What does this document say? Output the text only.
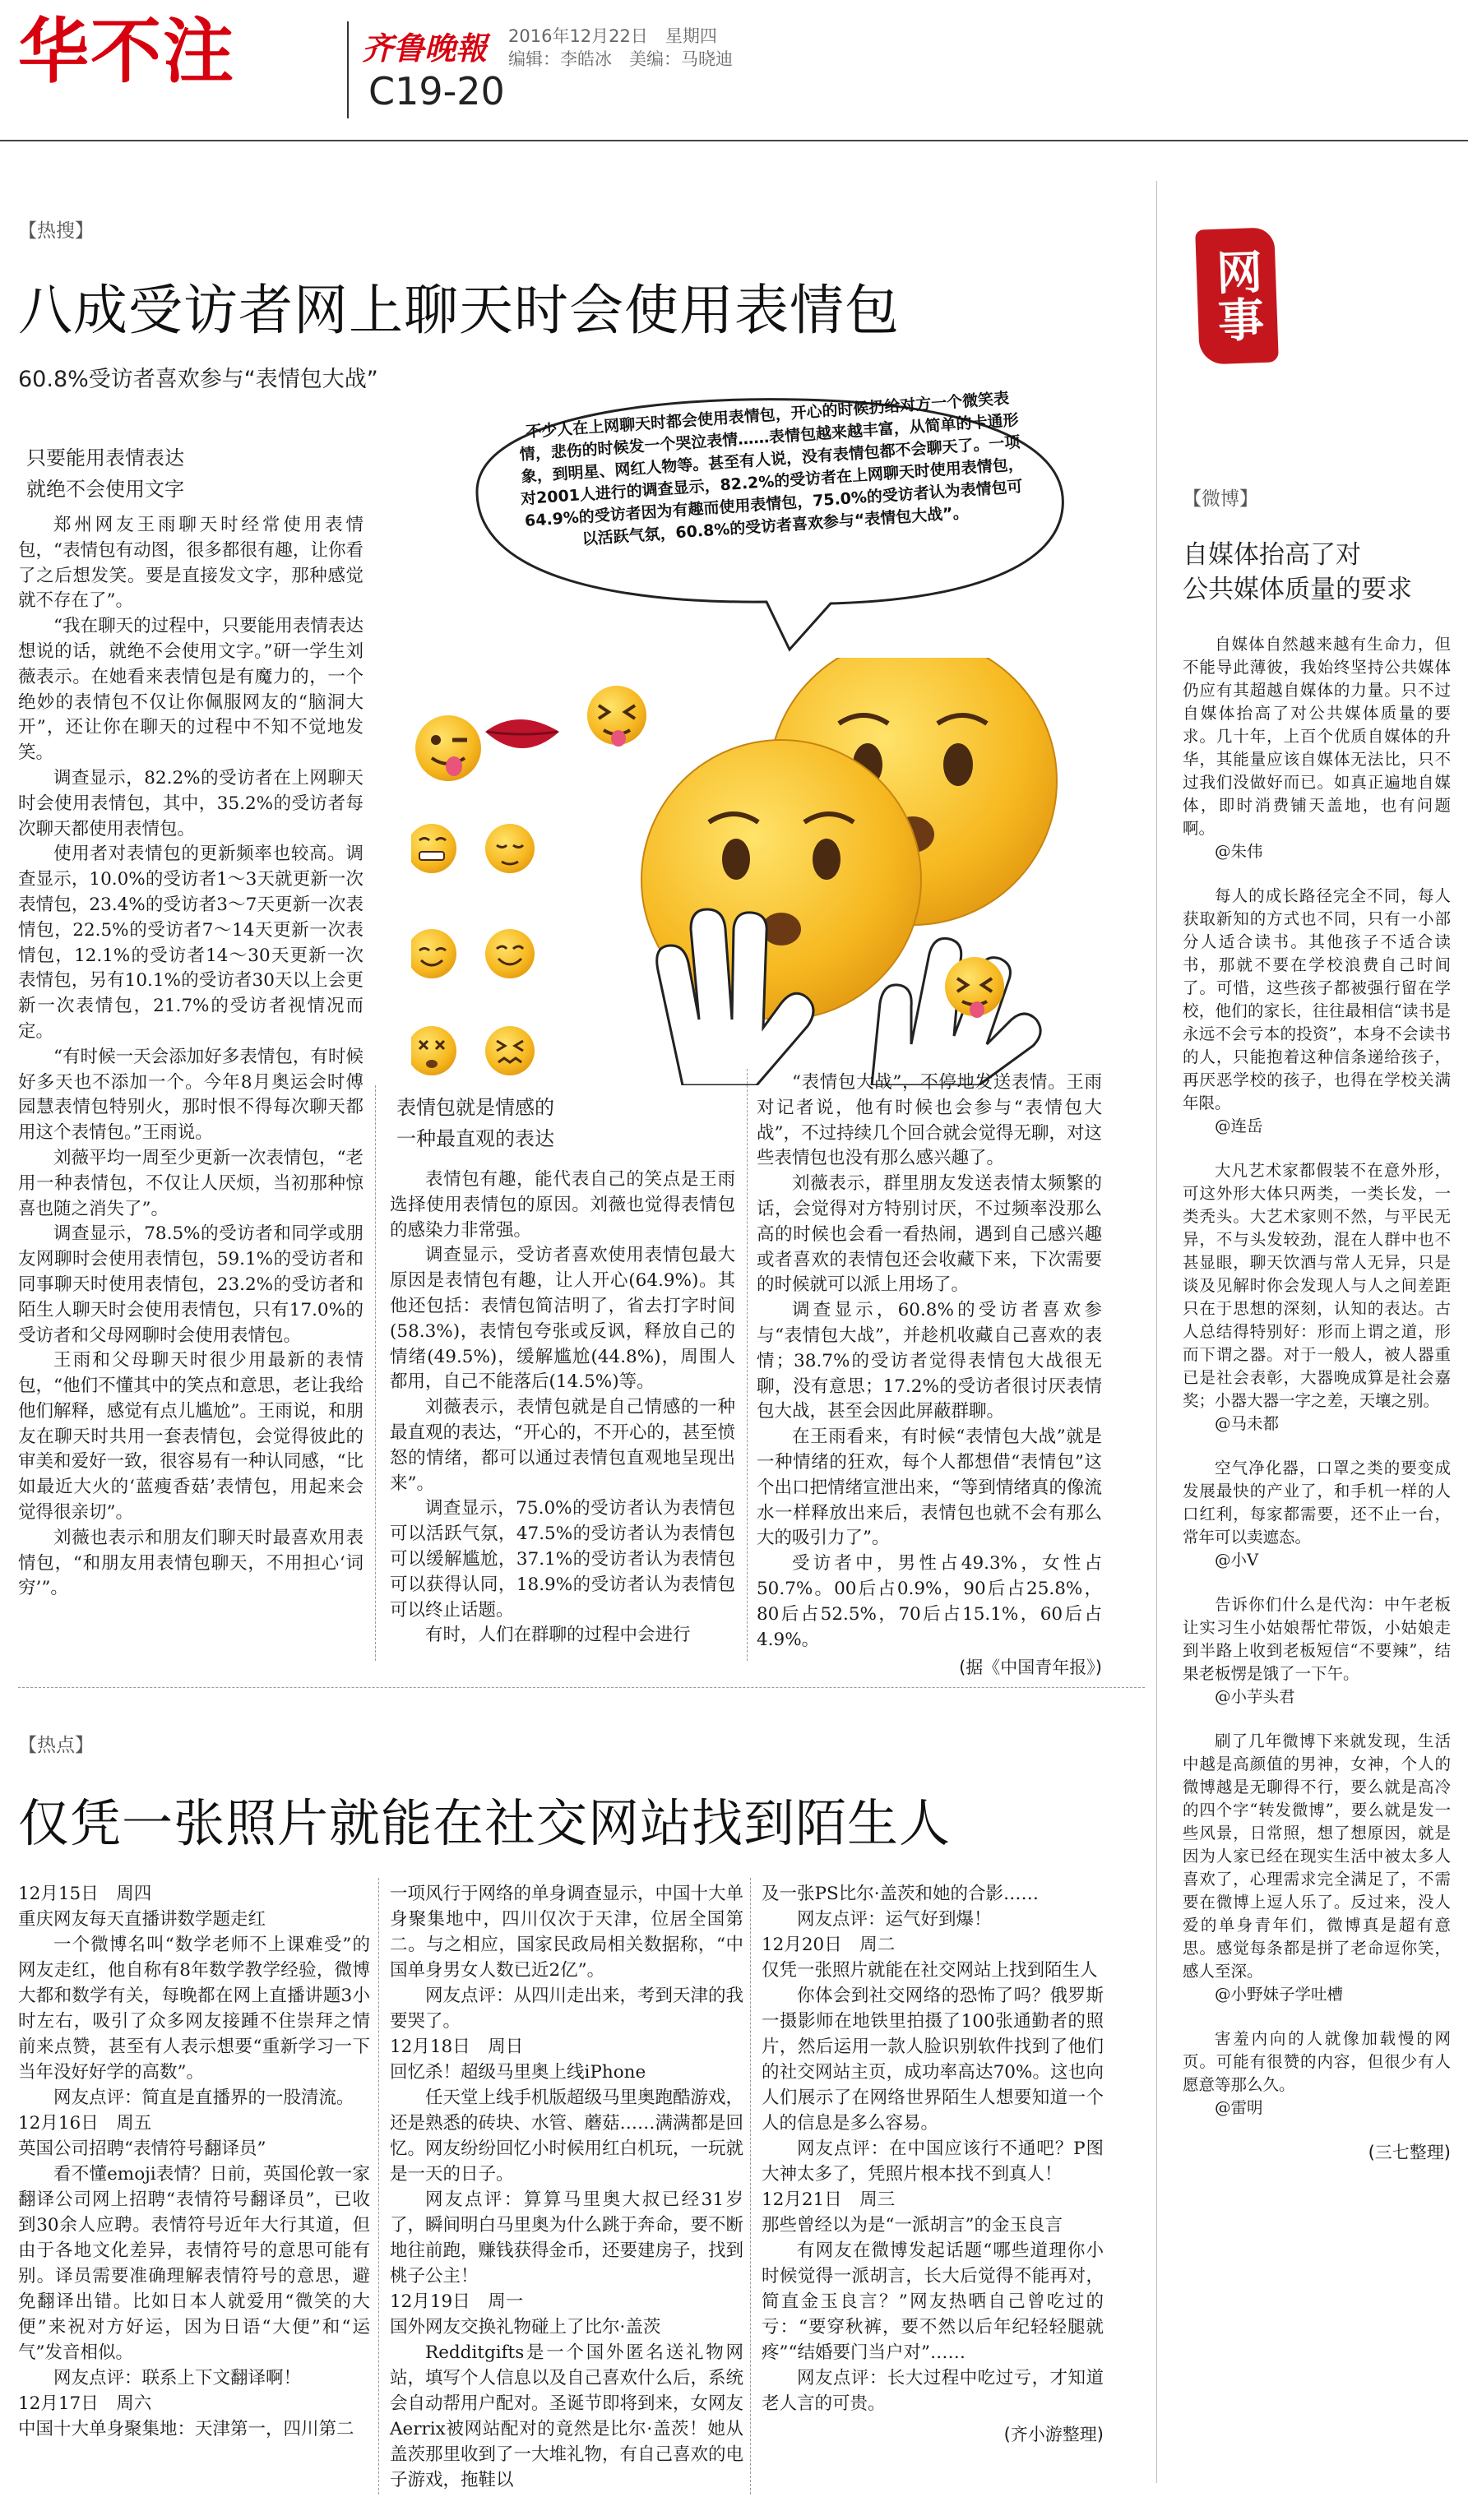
华不注	齐鲁晚報 2016年12月22日　星期四
编辑：李皓冰　美编：马晓迪
C19-20
【热搜】
八成受访者网上聊天时会使用表情包
60.8%受访者喜欢参与“表情包大战”
不少人在上网聊天时都会使用表情包，开心的时候扔给对方一个微笑表情，悲伤的时候发一个哭泣表情……表情包越来越丰富，从简单的卡通形象，到明星、网红人物等。甚至有人说，没有表情包都不会聊天了。一项对2001人进行的调查显示，82.2%的受访者在上网聊天时使用表情包，64.9%的受访者因为有趣而使用表情包，75.0%的受访者认为表情包可以活跃气氛，60.8%的受访者喜欢参与“表情包大战”。
只要能用表情表达
就绝不会使用文字

郑州网友王雨聊天时经常使用表情包，“表情包有动图，很多都很有趣，让你看了之后想发笑。要是直接发文字，那种感觉就不存在了”。

“我在聊天的过程中，只要能用表情表达想说的话，就绝不会使用文字。”研一学生刘薇表示。在她看来表情包是有魔力的，一个绝妙的表情包不仅让你佩服网友的“脑洞大开”，还让你在聊天的过程中不知不觉地发笑。

调查显示，82.2%的受访者在上网聊天时会使用表情包，其中，35.2%的受访者每次聊天都使用表情包。

使用者对表情包的更新频率也较高。调查显示，10.0%的受访者1～3天就更新一次表情包，23.4%的受访者3～7天更新一次表情包，22.5%的受访者7～14天更新一次表情包，12.1%的受访者14～30天更新一次表情包，另有10.1%的受访者30天以上会更新一次表情包，21.7%的受访者视情况而定。

“有时候一天会添加好多表情包，有时候好多天也不添加一个。今年8月奥运会时傅园慧表情包特别火，那时恨不得每次聊天都用这个表情包。”王雨说。

刘薇平均一周至少更新一次表情包，“老用一种表情包，不仅让人厌烦，当初那种惊喜也随之消失了”。

调查显示，78.5%的受访者和同学或朋友网聊时会使用表情包，59.1%的受访者和同事聊天时使用表情包，23.2%的受访者和陌生人聊天时会使用表情包，只有17.0%的受访者和父母网聊时会使用表情包。

王雨和父母聊天时很少用最新的表情包，“他们不懂其中的笑点和意思，老让我给他们解释，感觉有点儿尴尬”。王雨说，和朋友在聊天时共用一套表情包，会觉得彼此的审美和爱好一致，很容易有一种认同感，“比如最近大火的‘蓝瘦香菇’表情包，用起来会觉得很亲切”。

刘薇也表示和朋友们聊天时最喜欢用表情包，“和朋友用表情包聊天，不用担心‘词穷’”。

表情包就是情感的
一种最直观的表达

表情包有趣，能代表自己的笑点是王雨选择使用表情包的原因。刘薇也觉得表情包的感染力非常强。

调查显示，受访者喜欢使用表情包最大原因是表情包有趣，让人开心(64.9%)。其他还包括：表情包简洁明了，省去打字时间(58.3%)，表情包夸张或反讽，释放自己的情绪(49.5%)，缓解尴尬(44.8%)，周围人都用，自己不能落后(14.5%)等。

刘薇表示，表情包就是自己情感的一种最直观的表达，“开心的，不开心的，甚至愤怒的情绪，都可以通过表情包直观地呈现出来”。

调查显示，75.0%的受访者认为表情包可以活跃气氛，47.5%的受访者认为表情包可以缓解尴尬，37.1%的受访者认为表情包可以获得认同，18.9%的受访者认为表情包可以终止话题。

有时，人们在群聊的过程中会进行

“表情包大战”，不停地发送表情。王雨对记者说，他有时候也会参与“表情包大战”，不过持续几个回合就会觉得无聊，对这些表情包也没有那么感兴趣了。

刘薇表示，群里朋友发送表情太频繁的话，会觉得对方特别讨厌，不过频率没那么高的时候也会看一看热闹，遇到自己感兴趣或者喜欢的表情包还会收藏下来，下次需要的时候就可以派上用场了。

调查显示，60.8%的受访者喜欢参与“表情包大战”，并趁机收藏自己喜欢的表情；38.7%的受访者觉得表情包大战很无聊，没有意思；17.2%的受访者很讨厌表情包大战，甚至会因此屏蔽群聊。

在王雨看来，有时候“表情包大战”就是一种情绪的狂欢，每个人都想借“表情包”这个出口把情绪宣泄出来，“等到情绪真的像流水一样释放出来后，表情包也就不会有那么大的吸引力了”。

受访者中，男性占49.3%，女性占50.7%。00后占0.9%，90后占25.8%，80后占52.5%，70后占15.1%，60后占4.9%。

(据《中国青年报》)
【热点】
仅凭一张照片就能在社交网站找到陌生人

12月15日　周四

重庆网友每天直播讲数学题走红

一个微博名叫“数学老师不上课难受”的网友走红，他自称有8年数学教学经验，微博大都和数学有关，每晚都在网上直播讲题3小时左右，吸引了众多网友接踵不住崇拜之情前来点赞，甚至有人表示想要“重新学习一下当年没好好学的高数”。

网友点评：简直是直播界的一股清流。

12月16日　周五

英国公司招聘“表情符号翻译员”

看不懂emoji表情？日前，英国伦敦一家翻译公司网上招聘“表情符号翻译员”，已收到30余人应聘。表情符号近年大行其道，但由于各地文化差异，表情符号的意思可能有别。译员需要准确理解表情符号的意思，避免翻译出错。比如日本人就爱用“微笑的大便”来祝对方好运，因为日语“大便”和“运气”发音相似。

网友点评：联系上下文翻译啊！

12月17日　周六

中国十大单身聚集地：天津第一，四川第二

一项风行于网络的单身调查显示，中国十大单身聚集地中，四川仅次于天津，位居全国第二。与之相应，国家民政局相关数据称，“中国单身男女人数已近2亿”。

网友点评：从四川走出来，考到天津的我要哭了。

12月18日　周日

回忆杀！超级马里奥上线iPhone

任天堂上线手机版超级马里奥跑酷游戏，还是熟悉的砖块、水管、蘑菇……满满都是回忆。网友纷纷回忆小时候用红白机玩，一玩就是一天的日子。

网友点评：算算马里奥大叔已经31岁了，瞬间明白马里奥为什么跳于奔命，要不断地往前跑，赚钱获得金币，还要建房子，找到桃子公主！

12月19日　周一

国外网友交换礼物碰上了比尔·盖茨

Redditgifts是一个国外匿名送礼物网站，填写个人信息以及自己喜欢什么后，系统会自动帮用户配对。圣诞节即将到来，女网友Aerrix被网站配对的竟然是比尔·盖茨！她从盖茨那里收到了一大堆礼物，有自己喜欢的电子游戏，拖鞋以

及一张PS比尔·盖茨和她的合影……

网友点评：运气好到爆！

12月20日　周二

仅凭一张照片就能在社交网站上找到陌生人

你体会到社交网络的恐怖了吗？俄罗斯一摄影师在地铁里拍摄了100张通勤者的照片，然后运用一款人脸识别软件找到了他们的社交网站主页，成功率高达70%。这也向人们展示了在网络世界陌生人想要知道一个人的信息是多么容易。

网友点评：在中国应该行不通吧？P图大神太多了，凭照片根本找不到真人！

12月21日　周三

那些曾经以为是“一派胡言”的金玉良言

有网友在微博发起话题“哪些道理你小时候觉得一派胡言，长大后觉得不能再对，简直金玉良言？”网友热晒自己曾吃过的亏：“要穿秋裤，要不然以后年纪轻轻腿就疼”“结婚要门当户对”……

网友点评：长大过程中吃过亏，才知道老人言的可贵。

(齐小游整理)
网事
【微博】
自媒体抬高了对
公共媒体质量的要求

自媒体自然越来越有生命力，但不能导此薄彼，我始终坚持公共媒体仍应有其超越自媒体的力量。只不过自媒体抬高了对公共媒体质量的要求。几十年，上百个优质自媒体的升华，其能量应该自媒体无法比，只不过我们没做好而已。如真正遍地自媒体，即时消费铺天盖地，也有问题啊。

@朱伟

每人的成长路径完全不同，每人获取新知的方式也不同，只有一小部分人适合读书。其他孩子不适合读书，那就不要在学校浪费自己时间了。可惜，这些孩子都被强行留在学校，他们的家长，往往最相信“读书是永远不会亏本的投资”，本身不会读书的人，只能抱着这种信条递给孩子，再厌恶学校的孩子，也得在学校关满年限。

@连岳

大凡艺术家都假装不在意外形，可这外形大体只两类，一类长发，一类秃头。大艺术家则不然，与平民无异，不与头发较劲，混在人群中也不甚显眼，聊天饮酒与常人无异，只是谈及见解时你会发现人与人之间差距只在于思想的深刻，认知的表达。古人总结得特别好：形而上谓之道，形而下谓之器。对于一般人，被人器重已是社会表彰，大器晚成算是社会嘉奖；小器大器一字之差，天壤之别。

@马未都

空气净化器，口罩之类的要变成发展最快的产业了，和手机一样的人口红利，每家都需要，还不止一台，常年可以卖遮态。

@小V

告诉你们什么是代沟：中午老板让实习生小姑娘帮忙带饭，小姑娘走到半路上收到老板短信“不要辣”，结果老板愣是饿了一下午。

@小芋头君

刷了几年微博下来就发现，生活中越是高颜值的男神，女神，个人的微博越是无聊得不行，要么就是高冷的四个字“转发微博”，要么就是发一些风景，日常照，想了想原因，就是因为人家已经在现实生活中被太多人喜欢了，心理需求完全满足了，不需要在微博上逗人乐了。反过来，没人爱的单身青年们，微博真是超有意思。感觉每条都是拼了老命逗你笑，感人至深。

@小野妹子学吐槽

害羞内向的人就像加载慢的网页。可能有很赞的内容，但很少有人愿意等那么久。

@雷明
(三七整理)
